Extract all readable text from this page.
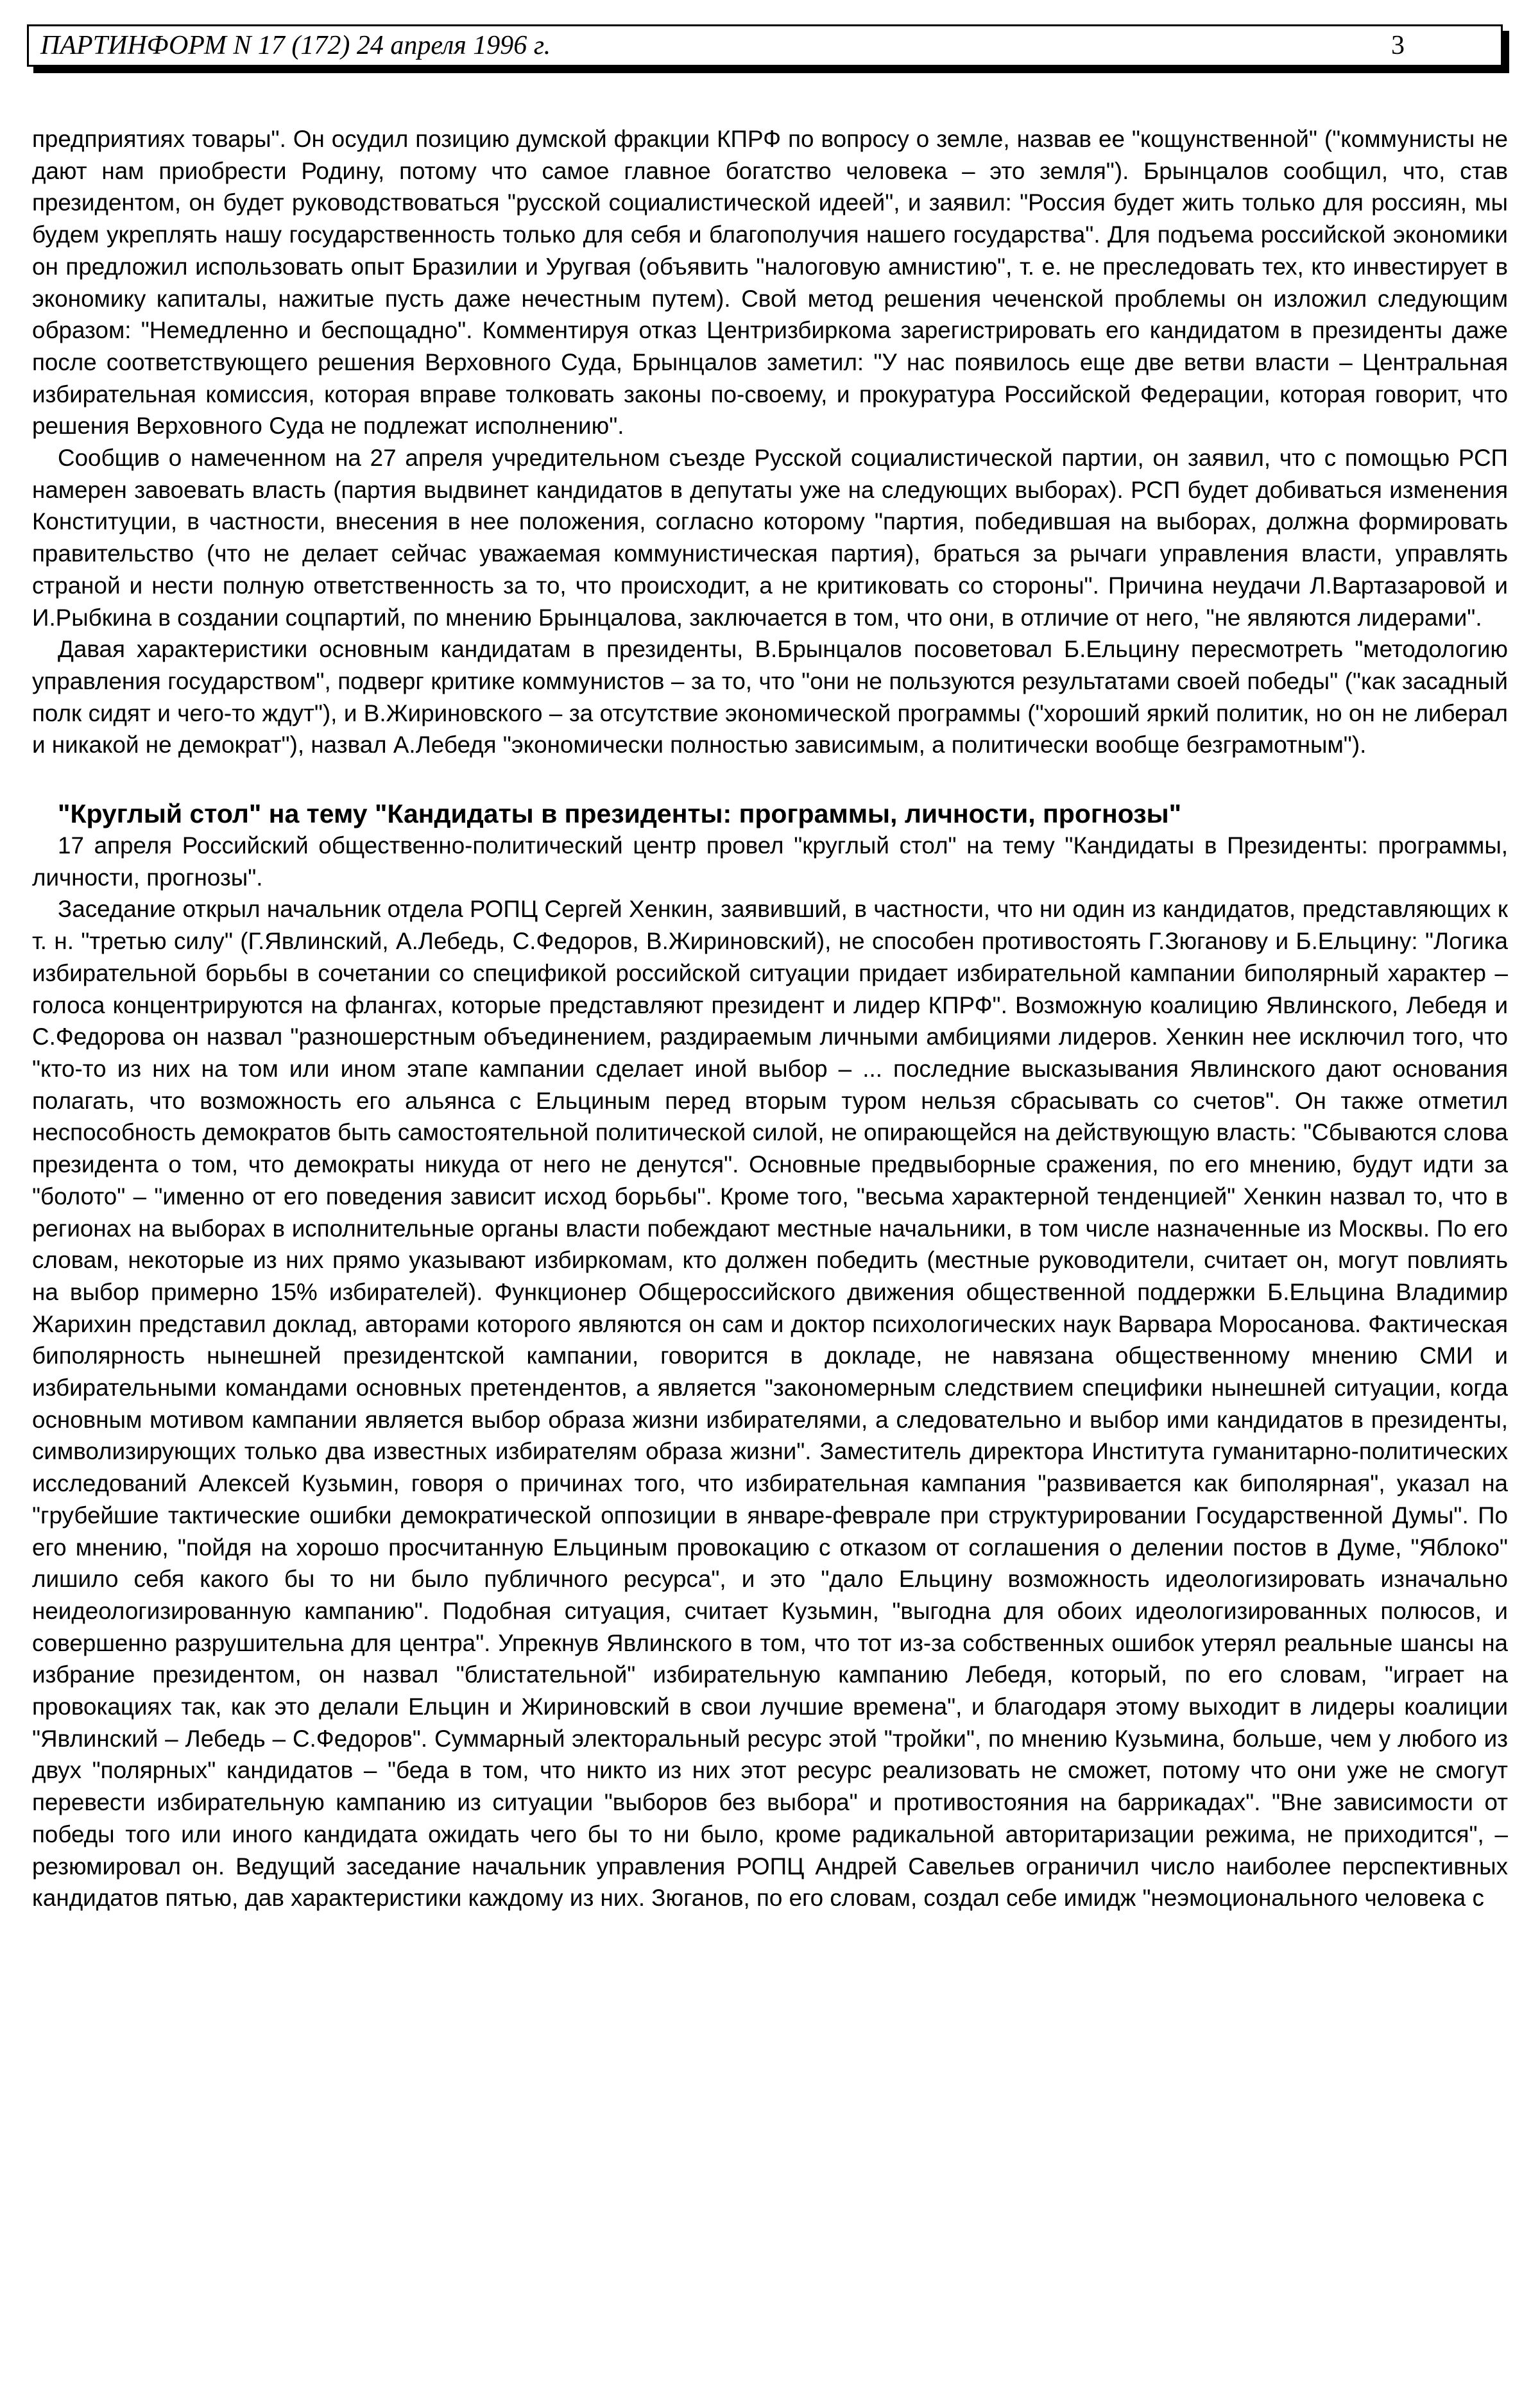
ПАРТИНФОРМ N 17 (172) 24 апреля 1996 г.	3

предприятиях товары". Он осудил позицию думской фракции КПРФ по вопросу о земле, назвав ее "кощунственной" ("коммунисты не дают нам приобрести Родину, потому что самое главное богатство человека – это земля"). Брынцалов сообщил, что, став президентом, он будет руководствоваться "русской социалистической идеей", и заявил: "Россия будет жить только для россиян, мы будем укреплять нашу государственность только для себя и благополучия нашего государства". Для подъема российской экономики он предложил использовать опыт Бразилии и Уругвая (объявить "налоговую амнистию", т. е. не преследовать тех, кто инвестирует в экономику капиталы, нажитые пусть даже нечестным путем). Свой метод решения чеченской проблемы он изложил следующим образом: "Немедленно и беспощадно". Комментируя отказ Центризбиркома зарегистрировать его кандидатом в президенты даже после соответствующего решения Верховного Суда, Брынцалов заметил: "У нас появилось еще две ветви власти – Центральная избирательная комиссия, которая вправе толковать законы по-своему, и прокуратура Российской Федерации, которая говорит, что решения Верховного Суда не подлежат исполнению".

Сообщив о намеченном на 27 апреля учредительном съезде Русской социалистической партии, он заявил, что с помощью РСП намерен завоевать власть (партия выдвинет кандидатов в депутаты уже на следующих выборах). РСП будет добиваться изменения Конституции, в частности, внесения в нее положения, согласно которому "партия, победившая на выборах, должна формировать правительство (что не делает сейчас уважаемая коммунистическая партия), браться за рычаги управления власти, управлять страной и нести полную ответственность за то, что происходит, а не критиковать со стороны". Причина неудачи Л.Вартазаровой и И.Рыбкина в создании соцпартий, по мнению Брынцалова, заключается в том, что они, в отличие от него, "не являются лидерами".

Давая характеристики основным кандидатам в президенты, В.Брынцалов посоветовал Б.Ельцину пересмотреть "методологию управления государством", подверг критике коммунистов – за то, что "они не пользуются результатами своей победы" ("как засадный полк сидят и чего-то ждут"), и В.Жириновского – за отсутствие экономической программы ("хороший яркий политик, но он не либерал и никакой не демократ"), назвал А.Лебедя "экономически полностью зависимым, а политически вообще безграмотным").

"Круглый стол" на тему "Кандидаты в президенты: программы, личности, прогнозы"

17 апреля Российский общественно-политический центр провел "круглый стол" на тему "Кандидаты в Президенты: программы, личности, прогнозы".

Заседание открыл начальник отдела РОПЦ Сергей Хенкин, заявивший, в частности, что ни один из кандидатов, представляющих к т. н. "третью силу" (Г.Явлинский, А.Лебедь, С.Федоров, В.Жириновский), не способен противостоять Г.Зюганову и Б.Ельцину: "Логика избирательной борьбы в сочетании со спецификой российской ситуации придает избирательной кампании биполярный характер – голоса концентрируются на флангах, которые представляют президент и лидер КПРФ". Возможную коалицию Явлинского, Лебедя и С.Федорова он назвал "разношерстным объединением, раздираемым личными амбициями лидеров. Хенкин нее исключил того, что "кто-то из них на том или ином этапе кампании сделает иной выбор – ... последние высказывания Явлинского дают основания полагать, что возможность его альянса с Ельциным перед вторым туром нельзя сбрасывать со счетов". Он также отметил неспособность демократов быть самостоятельной политической силой, не опирающейся на действующую власть: "Сбываются слова президента о том, что демократы никуда от него не денутся". Основные предвыборные сражения, по его мнению, будут идти за "болото" – "именно от его поведения зависит исход борьбы". Кроме того, "весьма характерной тенденцией" Хенкин назвал то, что в регионах на выборах в исполнительные органы власти побеждают местные начальники, в том числе назначенные из Москвы. По его словам, некоторые из них прямо указывают избиркомам, кто должен победить (местные руководители, считает он, могут повлиять на выбор примерно 15% избирателей). Функционер Общероссийского движения общественной поддержки Б.Ельцина Владимир Жарихин представил доклад, авторами которого являются он сам и доктор психологических наук Варвара Моросанова. Фактическая биполярность нынешней президентской кампании, говорится в докладе, не навязана общественному мнению СМИ и избирательными командами основных претендентов, а является "закономерным следствием специфики нынешней ситуации, когда основным мотивом кампании является выбор образа жизни избирателями, а следовательно и выбор ими кандидатов в президенты, символизирующих только два известных избирателям образа жизни". Заместитель директора Института гуманитарно-политических исследований Алексей Кузьмин, говоря о причинах того, что избирательная кампания "развивается как биполярная", указал на "грубейшие тактические ошибки демократической оппозиции в январе-феврале при структурировании Государственной Думы". По его мнению, "пойдя на хорошо просчитанную Ельциным провокацию с отказом от соглашения о делении постов в Думе, "Яблоко" лишило себя какого бы то ни было публичного ресурса", и это "дало Ельцину возможность идеологизировать изначально неидеологизированную кампанию". Подобная ситуация, считает Кузьмин, "выгодна для обоих идеологизированных полюсов, и совершенно разрушительна для центра". Упрекнув Явлинского в том, что тот из-за собственных ошибок утерял реальные шансы на избрание президентом, он назвал "блистательной" избирательную кампанию Лебедя, который, по его словам, "играет на провокациях так, как это делали Ельцин и Жириновский в свои лучшие времена", и благодаря этому выходит в лидеры коалиции "Явлинский – Лебедь – С.Федоров". Суммарный электоральный ресурс этой "тройки", по мнению Кузьмина, больше, чем у любого из двух "полярных" кандидатов – "беда в том, что никто из них этот ресурс реализовать не сможет, потому что они уже не смогут перевести избирательную кампанию из ситуации "выборов без выбора" и противостояния на баррикадах". "Вне зависимости от победы того или иного кандидата ожидать чего бы то ни было, кроме радикальной авторитаризации режима, не приходится", – резюмировал он. Ведущий заседание начальник управления РОПЦ Андрей Савельев ограничил число наиболее перспективных кандидатов пятью, дав характеристики каждому из них. Зюганов, по его словам, создал себе имидж "неэмоционального человека с
